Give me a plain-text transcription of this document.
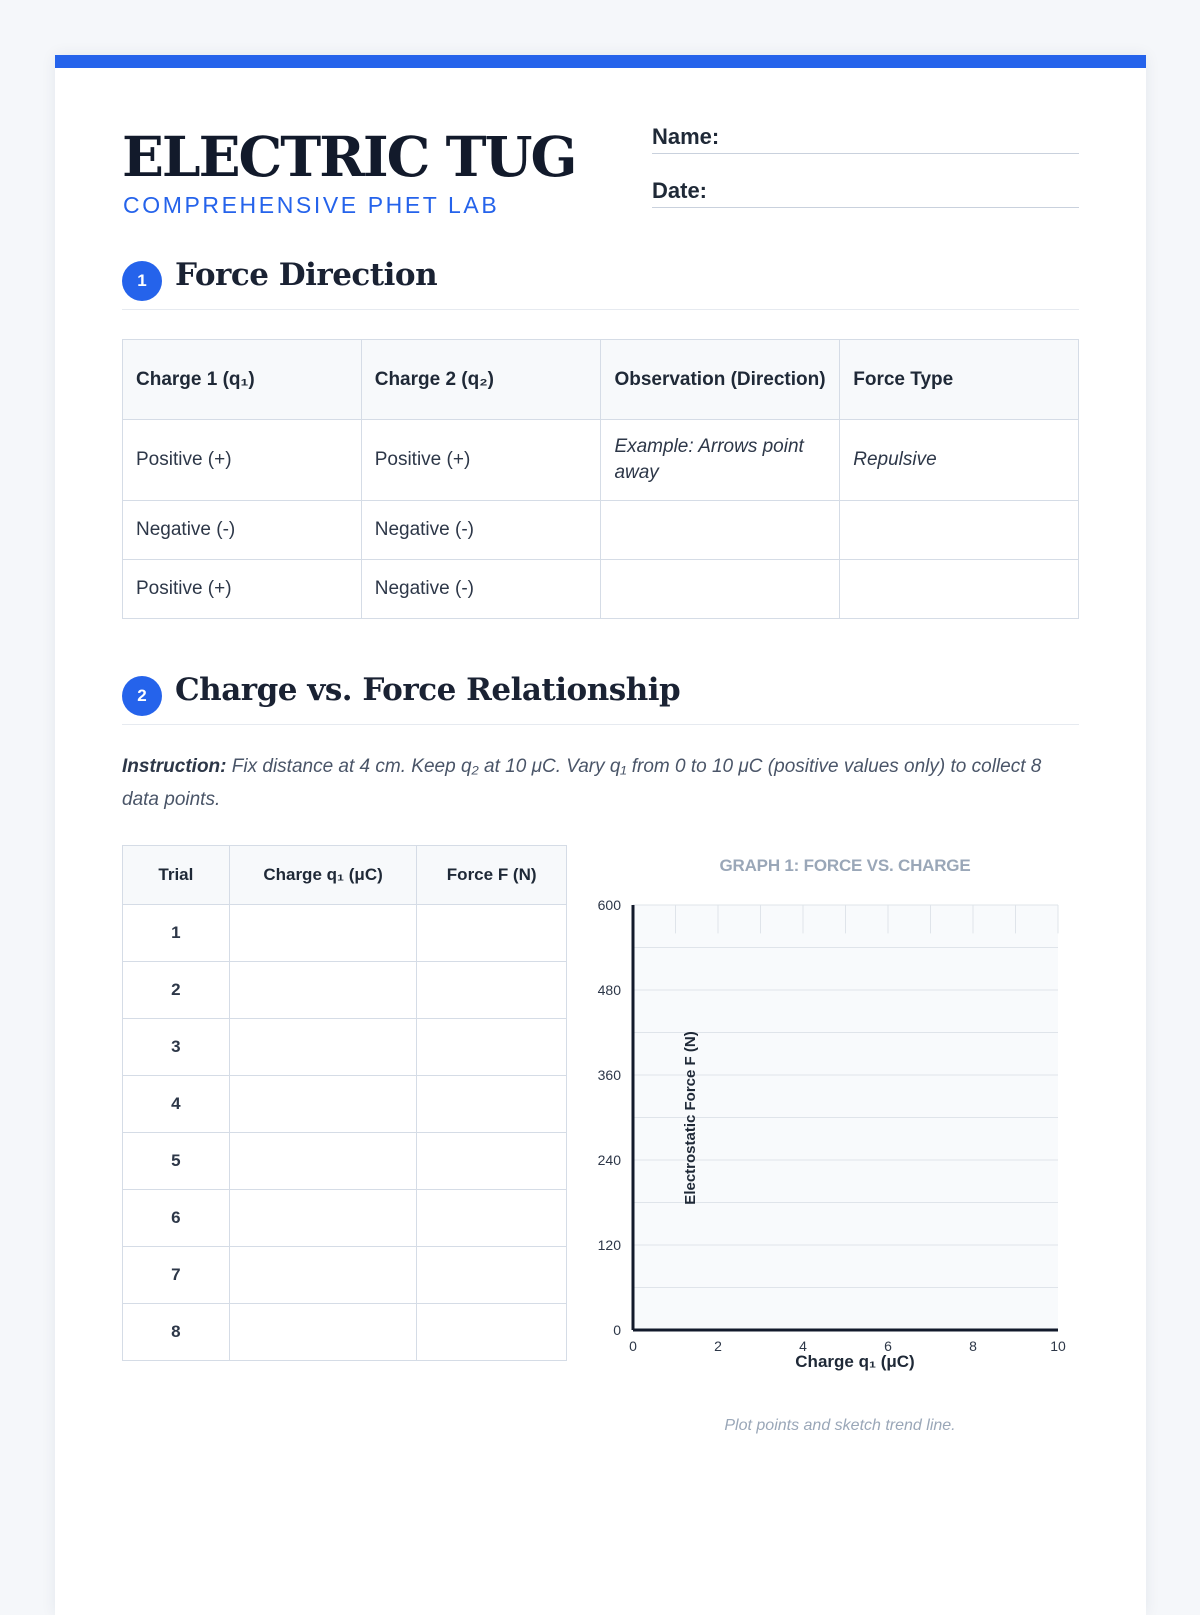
ELECTRIC TUG
COMPREHENSIVE PHET LAB
Name:
Date:
1 Force Direction
Charge 1 (q₁)	Charge 2 (q₂)	Observation (Direction)	Force Type
Positive (+)	Positive (+)	Example: Arrows point away	Repulsive
Negative (-)	Negative (-)		
Positive (+)	Negative (-)		
2 Charge vs. Force Relationship
Instruction: Fix distance at 4 cm. Keep q₂ at 10 μC. Vary q₁ from 0 to 10 μC (positive values only) to collect 8 data points.
Trial	Charge q₁ (μC)	Force F (N)
1		
2		
3		
4		
5		
6		
7		
8		
GRAPH 1: FORCE VS. CHARGE
0
120
240
360
480
600
0	2	4	6	8	10
Electrostatic Force F (N)
Charge q₁ (μC)
Plot points and sketch trend line.
